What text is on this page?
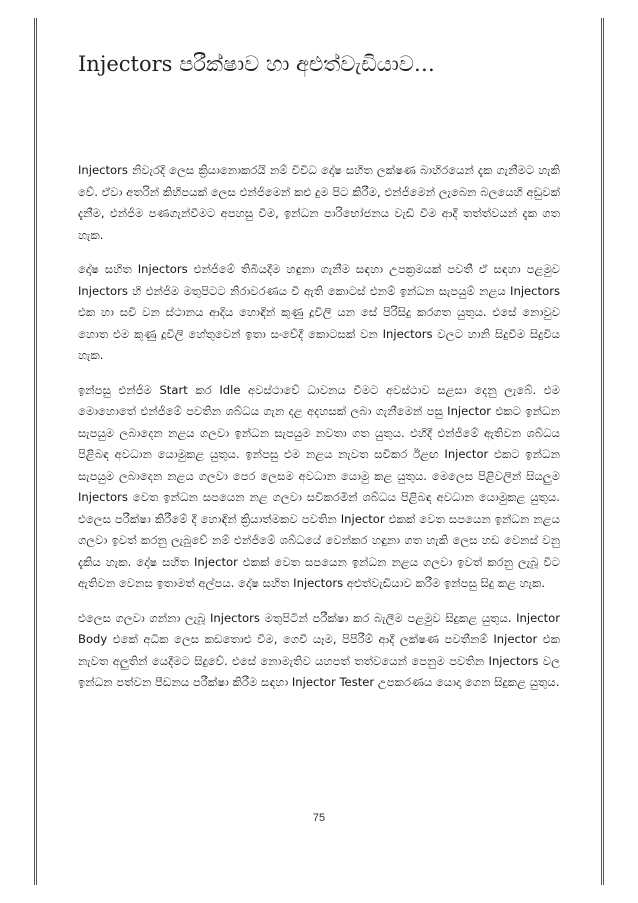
Injectors පරීක්ෂාව හා අළුත්වැඩියාව…

Injectors නිවැරදි ලෙස ක්‍රියානොකරයි නම් විවිධ දෝෂ සහිත ලක්ෂණ බාහිරයෙන් දැක ගැනීමට හැකි වේ. ඒවා අතරින් කිහිපයක් ලෙස එන්ජිමෙන් කළු දුම පිට කිරීම, එන්ජිමෙන් ලැබෙන බලයෙහි අඩුවක් දැනීම, එන්ජිම පණගැන්වීමට අපහසු වීම, ඉන්ධන පාරිභෝජනය වැඩි වීම ආදී තත්ත්වයන් දැක ගත හැක.

දෝෂ සහිත Injectors එන්ජිමේ තිබියදීම හඳුනා ගැනීම සඳහා උපක්‍රමයක් පවතී ඒ සඳහා පළමුව Injectors හි එන්ජිම මතුපිටට නිරාවරණය වී ඇති කොටස් එනම් ඉන්ධන සැපයුම් නළය Injectors එක හා සවි වන ස්ථානය ආදිය හොඳින් කුණු දූවිලි යන සේ පිරිසිදු කරගත යුතුය. එසේ නොවුව හොත එම කුණු දූවිලි හේතුවෙන් ඉතා සංවේදී කොටසක් වන Injectors වලට හානි සිදුවීම සිදුවිය හැක.

ඉන්පසු එන්ජිම Start කර Idle අවස්ථාවේ ධාවනය වීමට අවස්ථාව සළසා දෙනු ලැබේ. එම මොහොතේ එන්ජිමේ පවතින ශබ්ධය ගැන දළ අදහසක් ලබා ගැනීමෙන් පසු Injector එකට ඉන්ධන සැපයුම ලබාදෙන නළය ගලවා ඉන්ධන සැපයුම නවතා ගත යුතුය. එහිදී එන්ජිමේ ඇතිවන ශබ්ධය පිළිබඳ අවධාන යොමුකළ යුතුය. ඉන්පසු එම නළය නැවත සවිකර ඊළඟ Injector එකට ඉන්ධන සැපයුම ලබාදෙන නළය ගලවා පෙර ලෙසම අවධාන යොමු කළ යුතුය. මෙලෙස පිළිවලින් සියලුම Injectors වෙත ඉන්ධන සපයෙන නළ ගලවා සවිකරමින් ශබ්ධය පිළිබඳ අවධාන යොමුකළ යුතුය. එලෙස පරීක්ෂා කිරීමේ දී හොඳින් ක්‍රියාත්මකව පවතින Injector එකක් වෙත සපයෙන ඉන්ධන නළය ගලවා ඉවත් කරනු ලැබුවේ නම් එන්ජිමේ ශබ්ධයේ වෙන්කර හඳුනා ගත හැකි ලෙස හඩ වෙනස් වනු දැකිය හැක. දෝෂ සහිත Injector එකක් වෙත සපයෙන ඉන්ධන නළය ගලවා ඉවත් කරනු ලැබූ විට ඇතිවන වෙනස ඉතාමත් අල්පය. දෝෂ සහිත Injectors අළුත්වැඩියාව කරීම ඉන්පසු සිදු කළ හැක.

එලෙස ගලවා ගන්නා ලැබූ Injectors මතුපිටින් පරීක්ෂා කර බැලීම පළමුව සිදුකළ යුතුය. Injector Body එකේ අධික ලෙස කඩතොළු වීම, ගෙවී යෑම, පිපිරීම් ආදී ලක්ෂණ පවතීනම් Injector එක නැවත අලුතින් යෙදීමට සිදුවේ. එසේ නොමැතිව යහපත් තත්වයෙන් පෙනුම පවතින Injectors වල ඉන්ධන පත්වන පීඩනය පරීක්ෂා කිරීම සඳහා Injector Tester උපකරණය යොදා ගෙන සිදුකළ යුතුය.

75
